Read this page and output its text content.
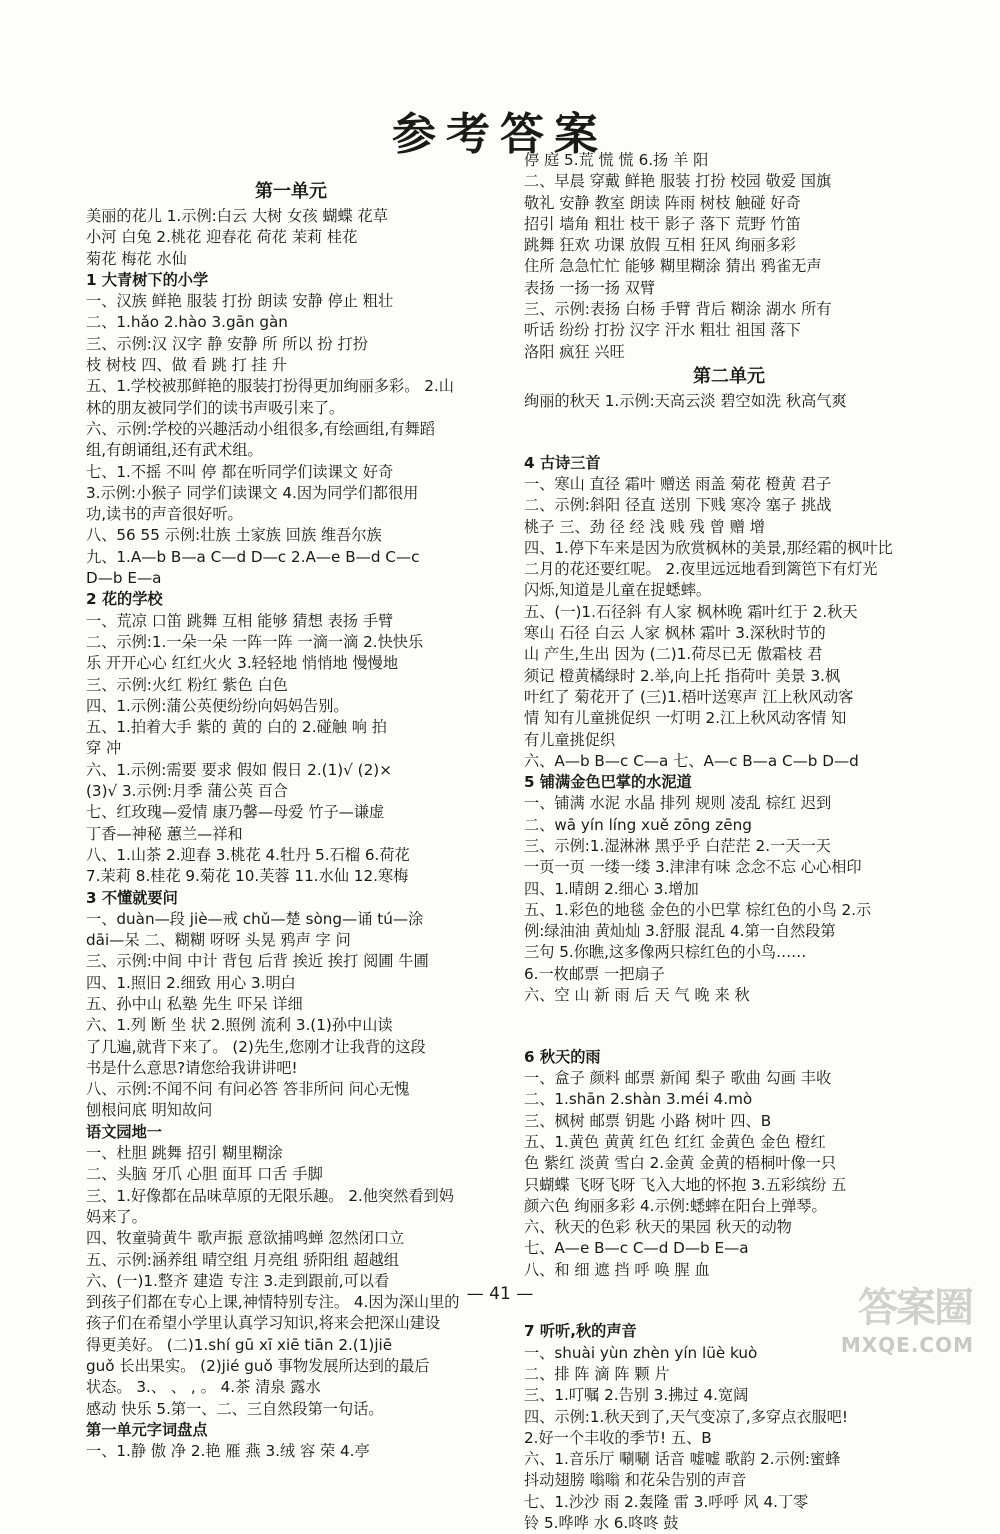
参考答案

第一单元

美丽的花儿 1.示例:白云 大树 女孩 蝴蝶 花草

小河 白兔 2.桃花 迎春花 荷花 茉莉 桂花

菊花 梅花 水仙

1 大青树下的小学

一、汉族 鲜艳 服装 打扮 朗读 安静 停止 粗壮

二、1.hǎo 2.hào 3.gān gàn

三、示例:汉 汉字 静 安静 所 所以 扮 打扮

枝 树枝 四、做 看 跳 打 挂 升

五、1.学校被那鲜艳的服装打扮得更加绚丽多彩。 2.山

林的朋友被同学们的读书声吸引来了。

六、示例:学校的兴趣活动小组很多,有绘画组,有舞蹈

组,有朗诵组,还有武术组。

七、1.不摇 不叫 停 都在听同学们读课文 好奇

3.示例:小猴子 同学们读课文 4.因为同学们都很用

功,读书的声音很好听。

八、56 55 示例:壮族 土家族 回族 维吾尔族

九、1.A—b B—a C—d D—c 2.A—e B—d C—c

D—b E—a

2 花的学校

一、荒凉 口笛 跳舞 互相 能够 猜想 表扬 手臂

二、示例:1.一朵一朵 一阵一阵 一滴一滴 2.快快乐

乐 开开心心 红红火火 3.轻轻地 悄悄地 慢慢地

三、示例:火红 粉红 紫色 白色

四、1.示例:蒲公英便纷纷向妈妈告别。

五、1.拍着大手 紫的 黄的 白的 2.碰触 响 拍

穿 冲

六、1.示例:需要 要求 假如 假日 2.(1)√ (2)×

(3)√ 3.示例:月季 蒲公英 百合

七、红玫瑰—爱情 康乃馨—母爱 竹子—谦虚

丁香—神秘 蕙兰—祥和

八、1.山茶 2.迎春 3.桃花 4.牡丹 5.石榴 6.荷花

7.茉莉 8.桂花 9.菊花 10.芙蓉 11.水仙 12.寒梅

3 不懂就要问

一、duàn—段 jiè—戒 chǔ—楚 sòng—诵 tú—涂

dāi—呆 二、糊糊 呀呀 头晃 鸦声 字 问

三、示例:中间 中计 背包 后背 挨近 挨打 阅圃 牛圃

四、1.照旧 2.细致 用心 3.明白

五、孙中山 私塾 先生 吓呆 详细

六、1.列 断 坐 状 2.照例 流利 3.(1)孙中山读

了几遍,就背下来了。 (2)先生,您刚才让我背的这段

书是什么意思?请您给我讲讲吧!

八、示例:不闻不问 有问必答 答非所问 问心无愧

刨根问底 明知故问

语文园地一

一、杜胆 跳舞 招引 糊里糊涂

二、头脑 牙爪 心胆 面耳 口舌 手脚

三、1.好像都在品味草原的无限乐趣。 2.他突然看到妈

妈来了。

四、牧童骑黄牛 歌声振 意欲捕鸣蝉 忽然闭口立

五、示例:涵养组 晴空组 月亮组 骄阳组 超越组

六、(一)1.整齐 建造 专注 3.走到跟前,可以看

到孩子们都在专心上课,神情特别专注。 4.因为深山里的

孩子们在希望小学里认真学习知识,将来会把深山建设

得更美好。 (二)1.shí gū xī xiē tiān 2.(1)jiē

guǒ 长出果实。 (2)jié guǒ 事物发展所达到的最后

状态。 3.、 、 , 。 4.茶 清泉 露水

感动 快乐 5.第一、二、三自然段第一句话。

第一单元字词盘点

一、1.静 傲 净 2.艳 雁 燕 3.绒 容 荣 4.亭

停 庭 5.荒 慌 慌 6.扬 羊 阳

二、早晨 穿戴 鲜艳 服装 打扮 校园 敬爱 国旗

敬礼 安静 教室 朗读 阵雨 树枝 触碰 好奇

招引 墙角 粗壮 枝干 影子 落下 荒野 竹笛

跳舞 狂欢 功课 放假 互相 狂风 绚丽多彩

住所 急急忙忙 能够 糊里糊涂 猜出 鸦雀无声

表扬 一扬一扬 双臂

三、示例:表扬 白杨 手臂 背后 糊涂 湖水 所有

听话 纷纷 打扮 汉字 汗水 粗壮 祖国 落下

洛阳 疯狂 兴旺

第二单元

绚丽的秋天 1.示例:天高云淡 碧空如洗 秋高气爽

4 古诗三首

一、寒山 直径 霜叶 赠送 雨盖 菊花 橙黄 君子

二、示例:斜阳 径直 送別 下贱 寒冷 塞子 挑战

桃子 三、劲 径 经 浅 贱 残 曾 赠 增

四、1.停下车来是因为欣赏枫林的美景,那经霜的枫叶比

二月的花还要红呢。 2.夜里远远地看到篱笆下有灯光

闪烁,知道是儿童在捉蟋蟀。

五、(一)1.石径斜 有人家 枫林晚 霜叶红于 2.秋天

寒山 石径 白云 人家 枫林 霜叶 3.深秋时节的

山 产生,生出 因为 (二)1.荷尽已无 傲霜枝 君

须记 橙黄橘绿时 2.举,向上托 指荷叶 美景 3.枫

叶红了 菊花开了 (三)1.梧叶送寒声 江上秋风动客

情 知有儿童挑促织 一灯明 2.江上秋风动客情 知

有儿童挑促织

六、A—b B—c C—a 七、A—c B—a C—b D—d

5 铺满金色巴掌的水泥道

一、铺满 水泥 水晶 排列 规则 凌乱 棕红 迟到

二、wā yín líng xuě zōng zēng

三、示例:1.湿淋淋 黑乎乎 白茫茫 2.一天一天

一页一页 一缕一缕 3.津津有味 念念不忘 心心相印

四、1.晴朗 2.细心 3.增加

五、1.彩色的地毯 金色的小巴掌 棕红色的小鸟 2.示

例:绿油油 黄灿灿 3.舒服 混乱 4.第一自然段第

三句 5.你瞧,这多像两只棕红色的小鸟……

6.一枚邮票 一把扇子

六、空 山 新 雨 后 天 气 晚 来 秋

6 秋天的雨

一、盒子 颜料 邮票 新闻 梨子 歌曲 勾画 丰收

二、1.shān 2.shàn 3.méi 4.mò

三、枫树 邮票 钥匙 小路 树叶 四、B

五、1.黄色 黄黄 红色 红红 金黄色 金色 橙红

色 紫红 淡黄 雪白 2.金黄 金黄的梧桐叶像一只

只蝴蝶 飞呀飞呀 飞入大地的怀抱 3.五彩缤纷 五

颜六色 绚丽多彩 4.示例:蟋蟀在阳台上弹琴。

六、秋天的色彩 秋天的果园 秋天的动物

七、A—e B—c C—d D—b E—a

八、和 细 遮 挡 呼 唤 腥 血

7 听听,秋的声音

一、shuài yùn zhèn yín lüè kuò

二、排 阵 滴 阵 颗 片

三、1.叮嘱 2.告别 3.拂过 4.宽阔

四、示例:1.秋天到了,天气变凉了,多穿点衣服吧!

2.好一个丰收的季节! 五、B

六、1.音乐厅 唰唰 话音 嘘嘘 歌韵 2.示例:蜜蜂

抖动翅膀 嗡嗡 和花朵告别的声音

七、1.沙沙 雨 2.轰隆 雷 3.呼呼 风 4.丁零

铃 5.哗哗 水 6.咚咚 鼓

— 41 —	答案圈
MXQE.COM
